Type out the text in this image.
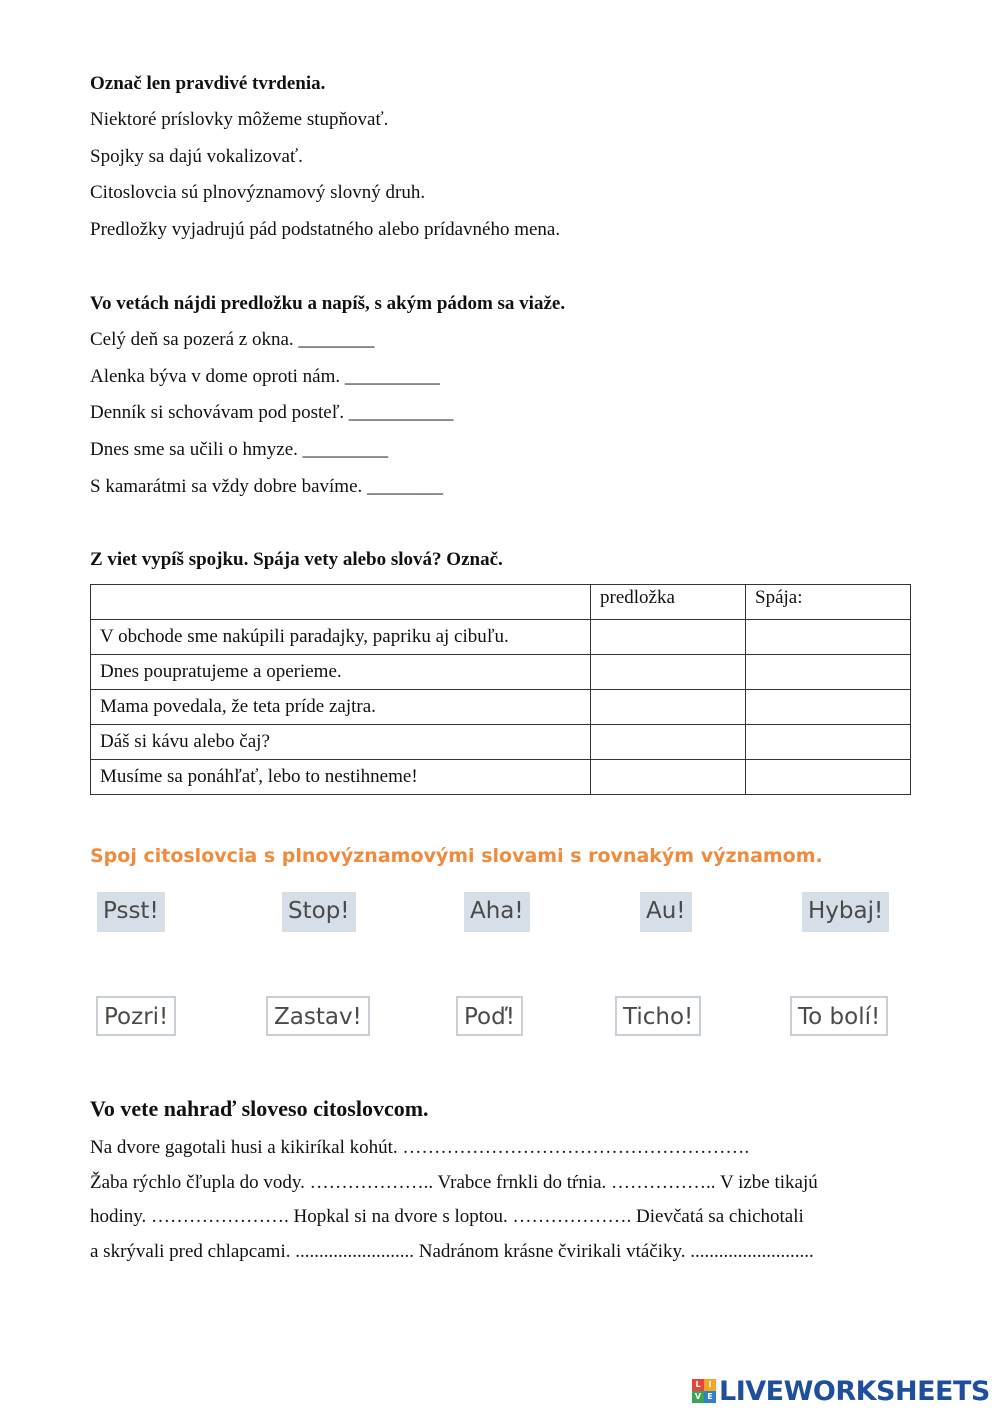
Označ len pravdivé tvrdenia.
Niektoré príslovky môžeme stupňovať.
Spojky sa dajú vokalizovať.
Citoslovcia sú plnovýznamový slovný druh.
Predložky vyjadrujú pád podstatného alebo prídavného mena.
Vo vetách nájdi predložku a napíš, s akým pádom sa viaže.
Celý deň sa pozerá z okna. ________
Alenka býva v dome oproti nám. __________
Denník si schovávam pod posteľ. ___________
Dnes sme sa učili o hmyze. _________
S kamarátmi sa vždy dobre bavíme. ________
Z viet vypíš spojku. Spája vety alebo slová? Označ.
	predložka	Spája:
V obchode sme nakúpili paradajky, papriku aj cibuľu.		
Dnes poupratujeme a operieme.		
Mama povedala, že teta príde zajtra.		
Dáš si kávu alebo čaj?		
Musíme sa ponáhľať, lebo to nestihneme!		
Spoj citoslovcia s plnovýznamovými slovami s rovnakým významom.
Psst!	Stop!	Aha!	Au!	Hybaj!
Pozri!	Zastav!	Poď!	Ticho!	To bolí!
Vo vete nahraď sloveso citoslovcom.
Na dvore gagotali husi a kikiríkal kohút. ……………………………………………….
Žaba rýchlo čľupla do vody. ……………….. Vrabce frnkli do tŕnia. …………….. V izbe tikajú
hodiny. …………………. Hopkal si na dvore s loptou. ………………. Dievčatá sa chichotali
a skrývali pred chlapcami. ......................... Nadránom krásne čvirikali vtáčiky. ..........................
L I
V E LIVEWORKSHEETS
